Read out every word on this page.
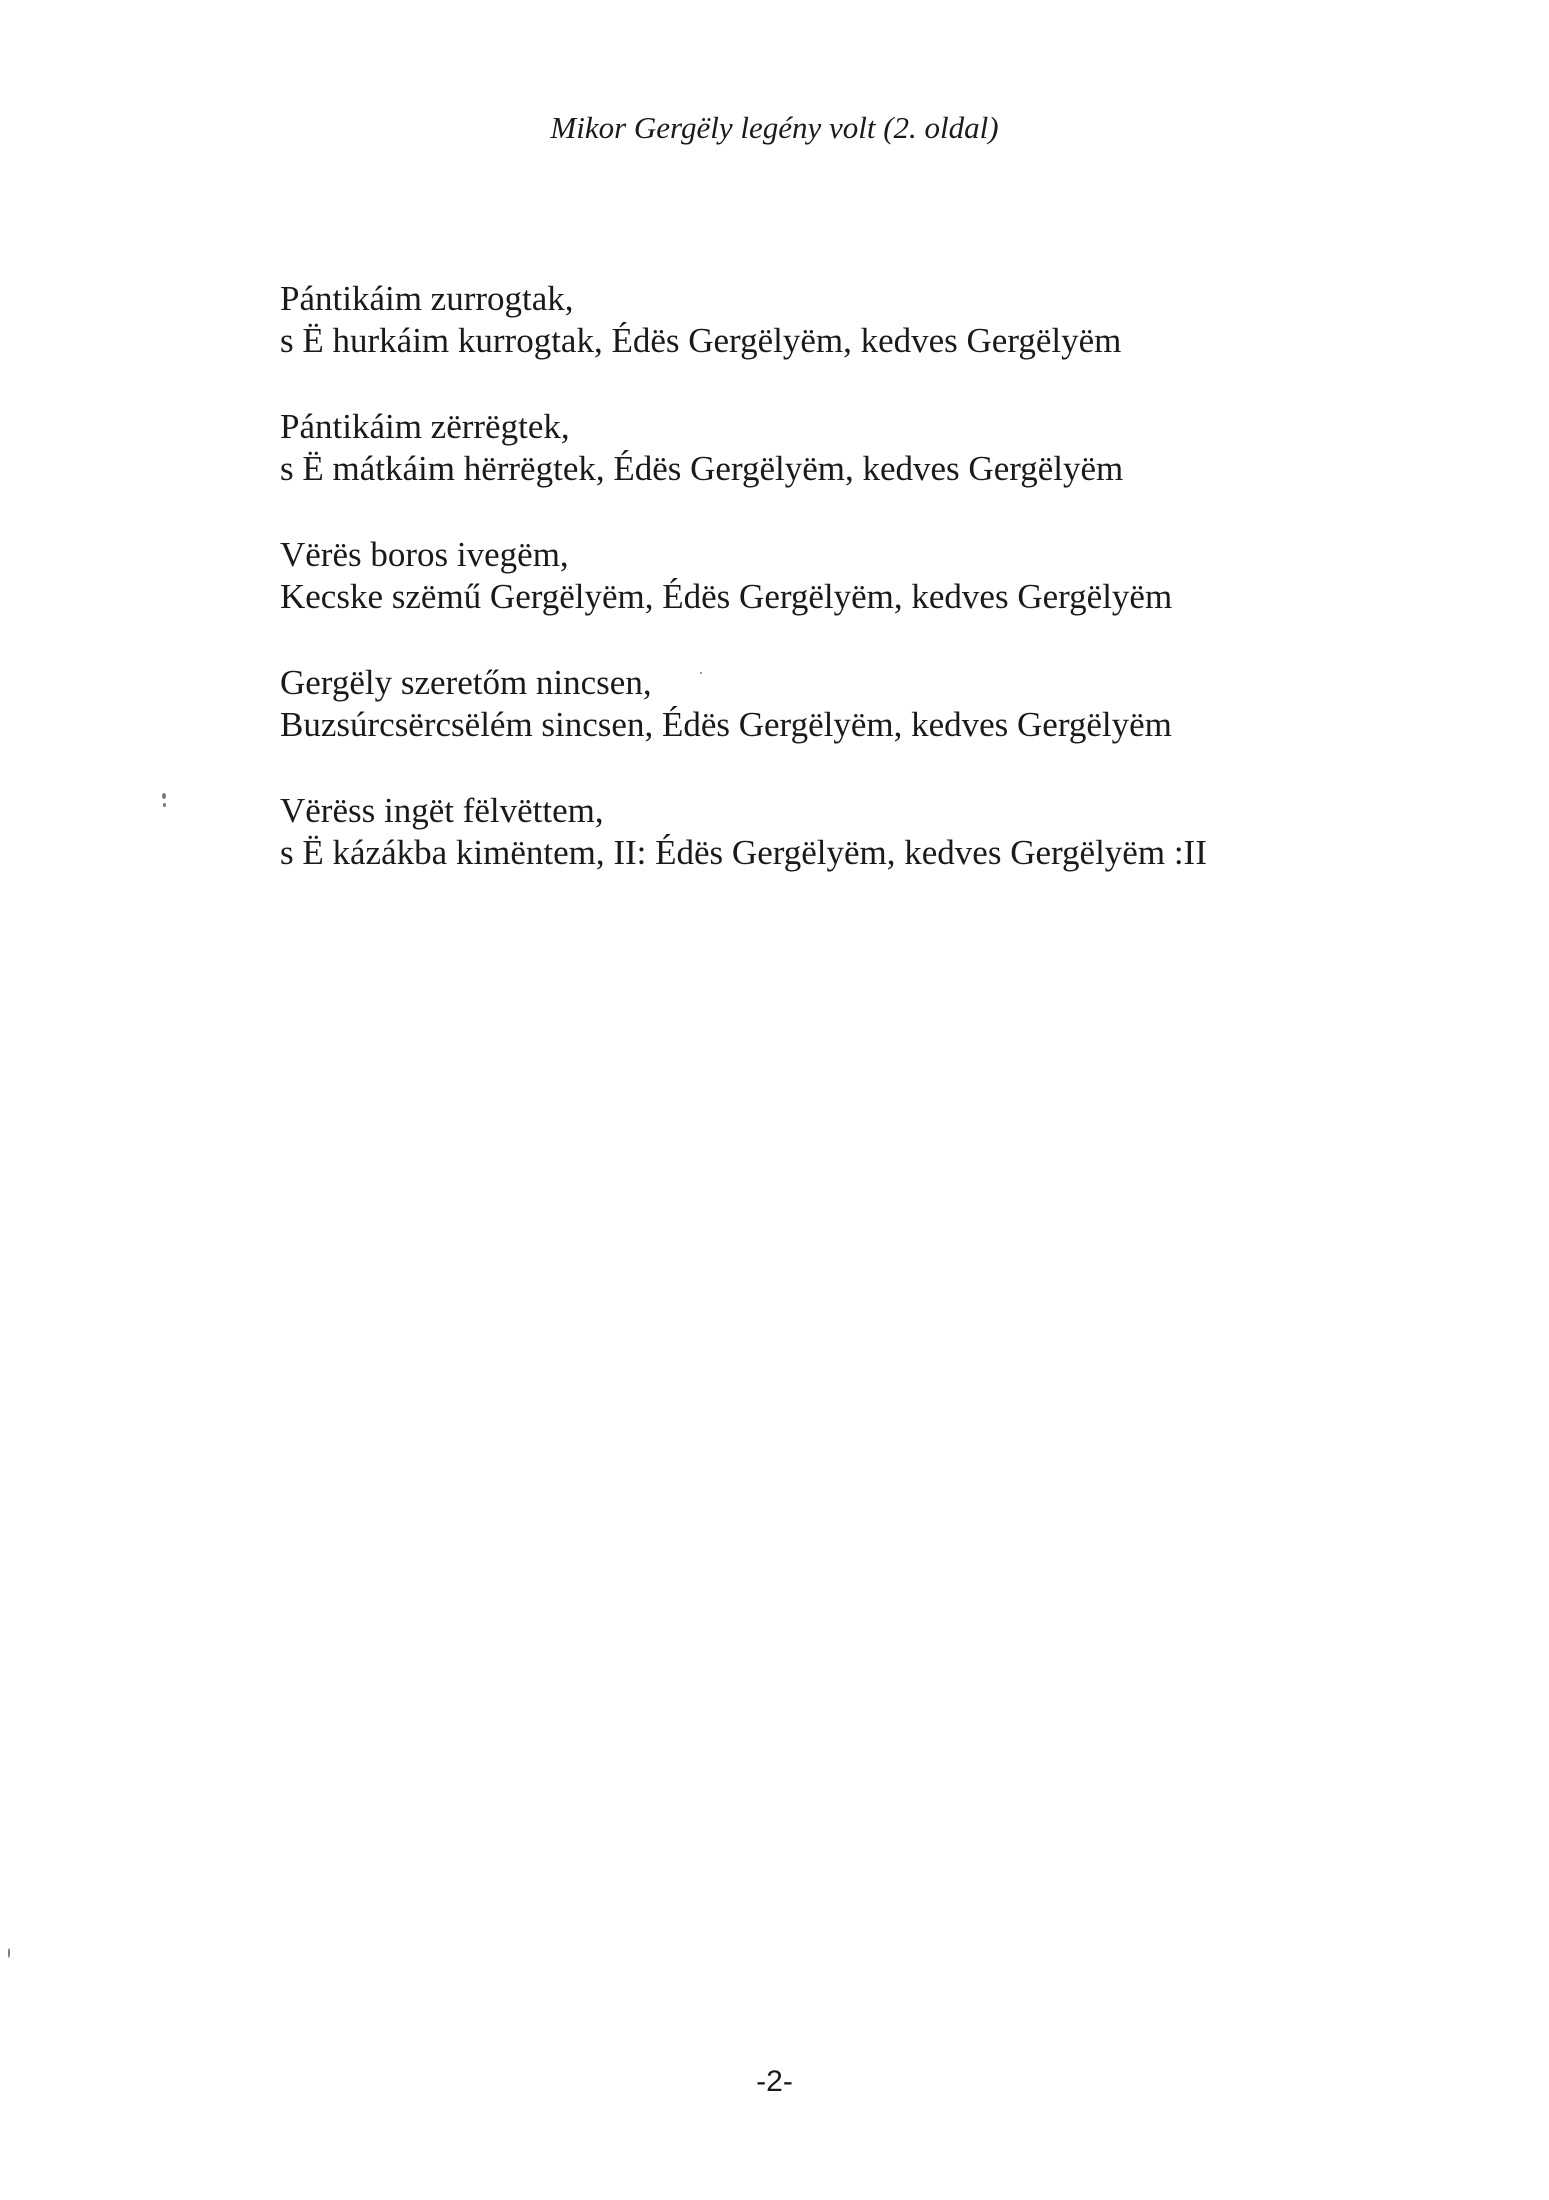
Mikor Gergëly legény volt (2. oldal)
Pántikáim zurrogtak,
s Ë hurkáim kurrogtak, Édës Gergëlyëm, kedves Gergëlyëm
Pántikáim zërrëgtek,
s Ë mátkáim hërrëgtek, Édës Gergëlyëm, kedves Gergëlyëm
Vërës boros ivegëm,
Kecske szëmű Gergëlyëm, Édës Gergëlyëm, kedves Gergëlyëm
Gergëly szeretőm nincsen,
Buzsúrcsërcsëlém sincsen, Édës Gergëlyëm, kedves Gergëlyëm
Vërëss ingët fëlvëttem,
s Ë kázákba kimëntem, II: Édës Gergëlyëm, kedves Gergëlyëm :II
-2-
